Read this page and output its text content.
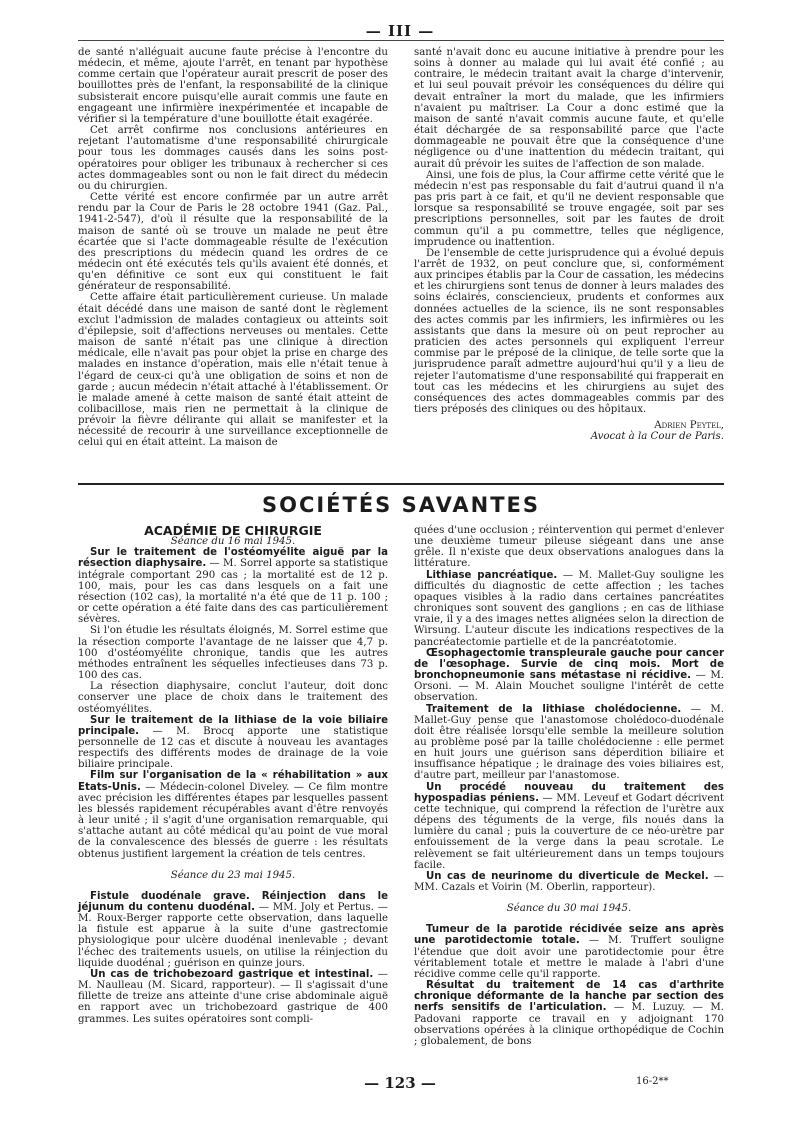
— III —

de santé n'alléguait aucune faute précise à l'encontre du médecin, et même, ajoute l'arrêt, en tenant par hypothèse comme certain que l'opérateur aurait prescrit de poser des bouillottes près de l'enfant, la responsabilité de la clinique subsisterait encore puisqu'elle aurait commis une faute en engageant une infirmière inexpérimentée et incapable de vérifier si la température d'une bouillotte était exagérée.

Cet arrêt confirme nos conclusions antérieures en rejetant l'automatisme d'une responsabilité chirurgicale pour tous les dommages causés dans les soins post-opératoires pour obliger les tribunaux à rechercher si ces actes dommageables sont ou non le fait direct du médecin ou du chirurgien.

Cette vérité est encore confirmée par un autre arrêt rendu par la Cour de Paris le 28 octobre 1941 (Gaz. Pal., 1941-2-547), d'où il résulte que la responsabilité de la maison de santé où se trouve un malade ne peut être écartée que si l'acte dommageable résulte de l'exécution des prescriptions du médecin quand les ordres de ce médecin ont été exécutés tels qu'ils avaient été donnés, et qu'en définitive ce sont eux qui constituent le fait générateur de responsabilité.

Cette affaire était particulièrement curieuse. Un malade était décédé dans une maison de santé dont le règlement exclut l'admission de malades contagieux ou atteints soit d'épilepsie, soit d'affections nerveuses ou mentales. Cette maison de santé n'était pas une clinique à direction médicale, elle n'avait pas pour objet la prise en charge des malades en instance d'opération, mais elle n'était tenue à l'égard de ceux-ci qu'à une obligation de soins et non de garde ; aucun médecin n'était attaché à l'établissement. Or le malade amené à cette maison de santé était atteint de colibacillose, mais rien ne permettait à la clinique de prévoir la fièvre délirante qui allait se manifester et la nécessité de recourir à une surveillance exceptionnelle de celui qui en était atteint. La maison de

santé n'avait donc eu aucune initiative à prendre pour les soins à donner au malade qui lui avait été confié ; au contraire, le médecin traitant avait la charge d'intervenir, et lui seul pouvait prévoir les conséquences du délire qui devait entraîner la mort du malade, que les infirmiers n'avaient pu maîtriser. La Cour a donc estimé que la maison de santé n'avait commis aucune faute, et qu'elle était déchargée de sa responsabilité parce que l'acte dommageable ne pouvait être que la conséquence d'une négligence ou d'une inattention du médecin traitant, qui aurait dû prévoir les suites de l'affection de son malade.

Ainsi, une fois de plus, la Cour affirme cette vérité que le médecin n'est pas responsable du fait d'autrui quand il n'a pas pris part à ce fait, et qu'il ne devient responsable que lorsque sa responsabilité se trouve engagée, soit par ses prescriptions personnelles, soit par les fautes de droit commun qu'il a pu commettre, telles que négligence, imprudence ou inattention.

De l'ensemble de cette jurisprudence qui a évolué depuis l'arrêt de 1932, on peut conclure que, si, conformément aux principes établis par la Cour de cassation, les médecins et les chirurgiens sont tenus de donner à leurs malades des soins éclairés, consciencieux, prudents et conformes aux données actuelles de la science, ils ne sont responsables des actes commis par les infirmiers, les infirmières ou les assistants que dans la mesure où on peut reprocher au praticien des actes personnels qui expliquent l'erreur commise par le préposé de la clinique, de telle sorte que la jurisprudence paraît admettre aujourd'hui qu'il y a lieu de rejeter l'automatisme d'une responsabilité qui frapperait en tout cas les médecins et les chirurgiens au sujet des conséquences des actes dommageables commis par des tiers préposés des cliniques ou des hôpitaux.

Adrien Peytel,
Avocat à la Cour de Paris.
SOCIÉTÉS SAVANTES

ACADÉMIE DE CHIRURGIE

Séance du 16 mai 1945.

Sur le traitement de l'ostéomyélite aiguë par la résection diaphysaire. — M. Sorrel apporte sa statistique intégrale comportant 290 cas ; la mortalité est de 12 p. 100, mais, pour les cas dans lesquels on a fait une résection (102 cas), la mortalité n'a été que de 11 p. 100 ; or cette opération a été faite dans des cas particulièrement sévères.

Si l'on étudie les résultats éloignés, M. Sorrel estime que la résection comporte l'avantage de ne laisser que 4,7 p. 100 d'ostéomyélite chronique, tandis que les autres méthodes entraînent les séquelles infectieuses dans 73 p. 100 des cas.

La résection diaphysaire, conclut l'auteur, doit donc conserver une place de choix dans le traitement des ostéomyélites.

Sur le traitement de la lithiase de la voie biliaire principale. — M. Brocq apporte une statistique personnelle de 12 cas et discute à nouveau les avantages respectifs des différents modes de drainage de la voie biliaire principale.

Film sur l'organisation de la « réhabilitation » aux Etats-Unis. — Médecin-colonel Diveley. — Ce film montre avec précision les différentes étapes par lesquelles passent les blessés rapidement récupérables avant d'être renvoyés à leur unité ; il s'agit d'une organisation remarquable, qui s'attache autant au côté médical qu'au point de vue moral de la convalescence des blessés de guerre : les résultats obtenus justifient largement la création de tels centres.

Séance du 23 mai 1945.

Fistule duodénale grave. Réinjection dans le jéjunum du contenu duodénal. — MM. Joly et Pertus. — M. Roux-Berger rapporte cette observation, dans laquelle la fistule est apparue à la suite d'une gastrectomie physiologique pour ulcère duodénal inenlevable ; devant l'échec des traitements usuels, on utilise la réinjection du liquide duodénal ; guérison en quinze jours.

Un cas de trichobezoard gastrique et intestinal. — M. Naulleau (M. Sicard, rapporteur). — Il s'agissait d'une fillette de treize ans atteinte d'une crise abdominale aiguë en rapport avec un trichobezoard gastrique de 400 grammes. Les suites opératoires sont compli-

quées d'une occlusion ; réintervention qui permet d'enlever une deuxième tumeur pileuse siégeant dans une anse grêle. Il n'existe que deux observations analogues dans la littérature.

Lithiase pancréatique. — M. Mallet-Guy souligne les difficultés du diagnostic de cette affection ; les taches opaques visibles à la radio dans certaines pancréatites chroniques sont souvent des ganglions ; en cas de lithiase vraie, il y a des images nettes alignées selon la direction de Wirsung. L'auteur discute les indications respectives de la pancréatectomie partielle et de la pancréatotomie.

Œsophagectomie transpleurale gauche pour cancer de l'œsophage. Survie de cinq mois. Mort de bronchopneumonie sans métastase ni récidive. — M. Orsoni. — M. Alain Mouchet souligne l'intérêt de cette observation.

Traitement de la lithiase cholédocienne. — M. Mallet-Guy pense que l'anastomose cholédoco-duodénale doit être réalisée lorsqu'elle semble la meilleure solution au problème posé par la taille cholédocienne : elle permet en huit jours une guérison sans déperdition biliaire et insuffisance hépatique ; le drainage des voies biliaires est, d'autre part, meilleur par l'anastomose.

Un procédé nouveau du traitement des hypospadias péniens. — MM. Leveuf et Godart décrivent cette technique, qui comprend la réfection de l'urètre aux dépens des téguments de la verge, fils noués dans la lumière du canal ; puis la couverture de ce néo-urètre par enfouissement de la verge dans la peau scrotale. Le relèvement se fait ultérieurement dans un temps toujours facile.

Un cas de neurinome du diverticule de Meckel. — MM. Cazals et Voirin (M. Oberlin, rapporteur).

Séance du 30 mai 1945.

Tumeur de la parotide récidivée seize ans après une parotidectomie totale. — M. Truffert souligne l'étendue que doit avoir une parotidectomie pour être véritablement totale et mettre le malade à l'abri d'une récidive comme celle qu'il rapporte.

Résultat du traitement de 14 cas d'arthrite chronique déformante de la hanche par section des nerfs sensitifs de l'articulation. — M. Luzuy. — M. Padovani rapporte ce travail en y adjoignant 170 observations opérées à la clinique orthopédique de Cochin ; globalement, de bons

— 123 —	16-2**
